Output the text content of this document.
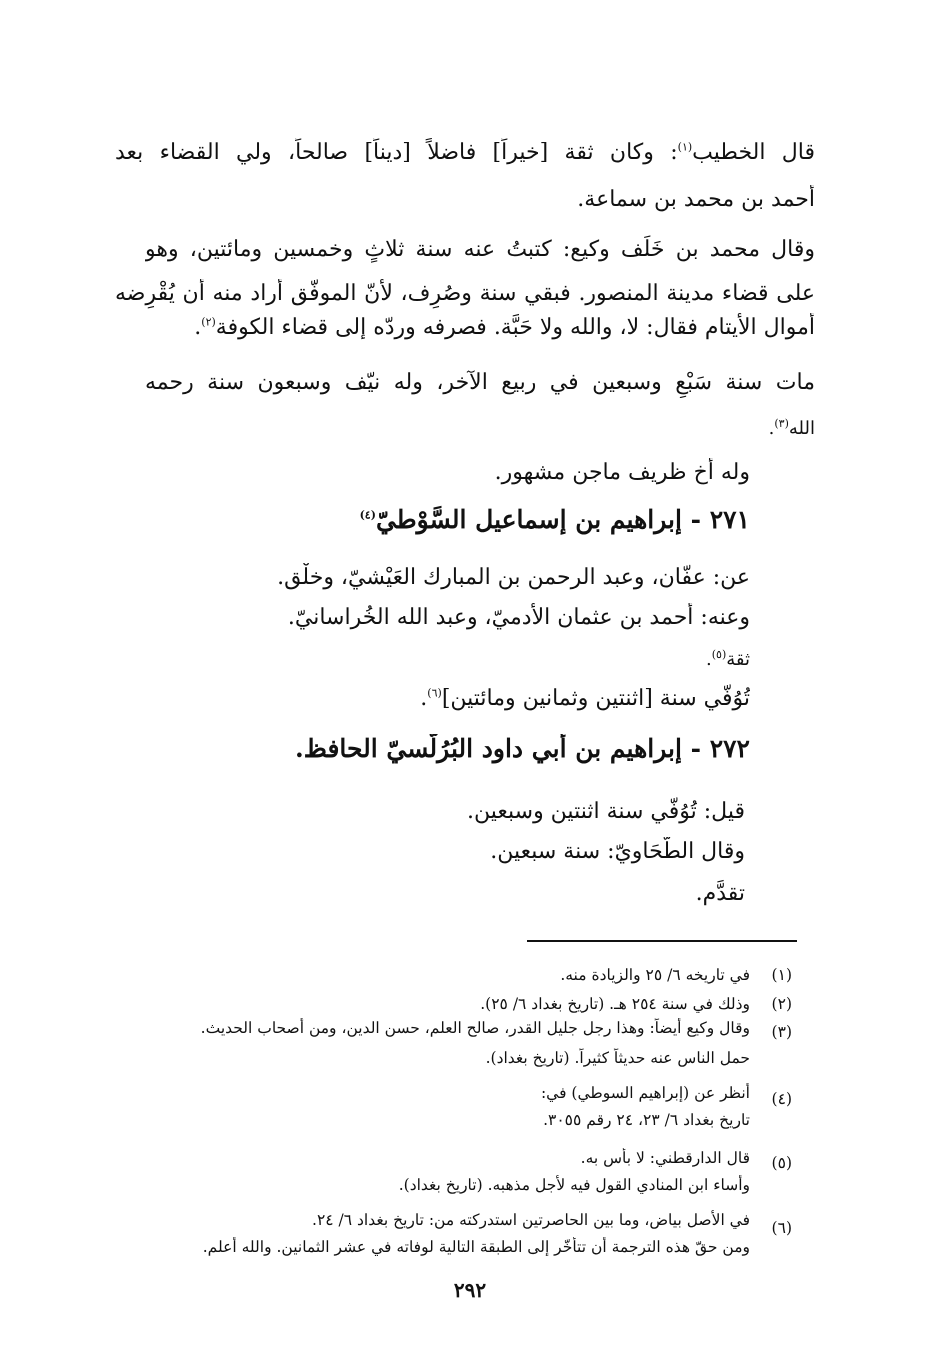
قال الخطيب$^{(١)}$: وكان ثقة [خيراً] فاضلاً [ديناً] صالحاً، ولي القضاء بعد
أحمد بن محمد بن سماعة.
وقال محمد بن خَلَف وكيع: كتبتُ عنه سنة ثلاثٍ وخمسين ومائتين، وهو
على قضاء مدينة المنصور. فبقي سنة وصُرِف، لأنّ الموفّق أراد منه أن يُقْرِضه
أموال الأيتام فقال: لا، والله ولا حَبَّة. فصرفه وردّه إلى قضاء الكوفة$^{(٢)}$.
مات سنة سَبْعٍ وسبعين في ربيع الآخر، وله نيّف وسبعون سنة رحمه
الله$^{(٣)}$.
وله أخ ظريف ماجن مشهور.
٢٧١ - إبراهيم بن إسماعيل السَّوْطيّ$^{(٤)}$
عن: عفّان، وعبد الرحمن بن المبارك العَيْشيّ، وخلْق.
وعنه: أحمد بن عثمان الأدميّ، وعبد الله الخُراسانيّ.
ثقة$^{(٥)}$.
تُوُفّي سنة [اثنتين وثمانين ومائتين]$^{(٦)}$.
٢٧٢ - إبراهيم بن أبي داود البُرُلُّسيّ الحافظ.
قيل: تُوُفّي سنة اثنتين وسبعين.
وقال الطَّحَاويّ: سنة سبعين.
تقدَّم.
(١)
في تاريخه ٦/ ٢٥ والزيادة منه.
(٢)
وذلك في سنة ٢٥٤ هـ. (تاريخ بغداد ٦/ ٢٥).
(٣)
وقال وكيع أيضاً: وهذا رجل جليل القدر، صالح العلم، حسن الدين، ومن أصحاب الحديث.
حمل الناس عنه حديثاً كثيراً. (تاريخ بغداد).
(٤)
أنظر عن (إبراهيم السوطي) في:
تاريخ بغداد ٦/ ٢٣، ٢٤ رقم ٣٠٥٥.
(٥)
قال الدارقطني: لا بأس به.
وأساء ابن المنادي القول فيه لأجل مذهبه. (تاريخ بغداد).
(٦)
في الأصل بياض، وما بين الحاصرتين استدركته من: تاريخ بغداد ٦/ ٢٤.
ومن حقّ هذه الترجمة أن تتأخّر إلى الطبقة التالية لوفاته في عشر الثمانين. والله أعلم.
٢٩٢
